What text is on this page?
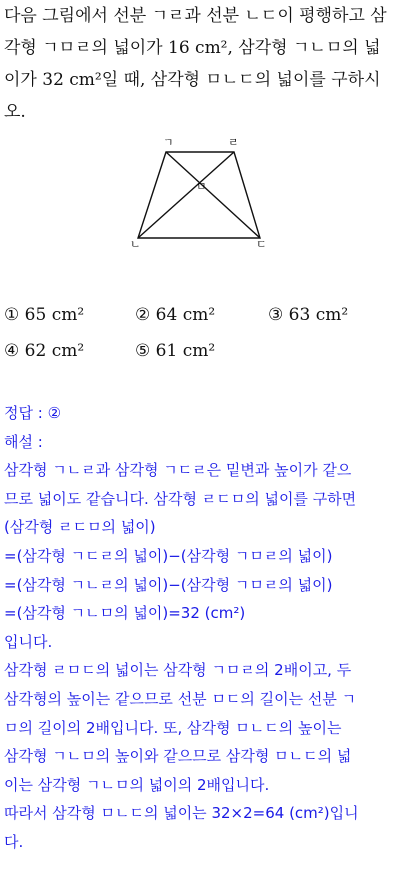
다음 그림에서 선분 ㄱㄹ과 선분 ㄴㄷ이 평행하고 삼

각형 ㄱㅁㄹ의 넓이가 16 cm², 삼각형 ㄱㄴㅁ의 넓

이가 32 cm²일 때, 삼각형 ㅁㄴㄷ의 넓이를 구하시

오.

ㄱ	ㄹ
ㄴ	ㄷ
ㅁ
① 65 cm²	② 64 cm²	③ 63 cm²
④ 62 cm²	⑤ 61 cm²
정답 : ②
해설 :
삼각형 ㄱㄴㄹ과 삼각형 ㄱㄷㄹ은 밑변과 높이가 같으
므로 넓이도 같습니다. 삼각형 ㄹㄷㅁ의 넓이를 구하면
(삼각형 ㄹㄷㅁ의 넓이)
=(삼각형 ㄱㄷㄹ의 넓이)−(삼각형 ㄱㅁㄹ의 넓이)
=(삼각형 ㄱㄴㄹ의 넓이)−(삼각형 ㄱㅁㄹ의 넓이)
=(삼각형 ㄱㄴㅁ의 넓이)=32 (cm²)
입니다.
삼각형 ㄹㅁㄷ의 넓이는 삼각형 ㄱㅁㄹ의 2배이고, 두
삼각형의 높이는 같으므로 선분 ㅁㄷ의 길이는 선분 ㄱ
ㅁ의 길이의 2배입니다. 또, 삼각형 ㅁㄴㄷ의 높이는
삼각형 ㄱㄴㅁ의 높이와 같으므로 삼각형 ㅁㄴㄷ의 넓
이는 삼각형 ㄱㄴㅁ의 넓이의 2배입니다.
따라서 삼각형 ㅁㄴㄷ의 넓이는 32×2=64 (cm²)입니
다.
